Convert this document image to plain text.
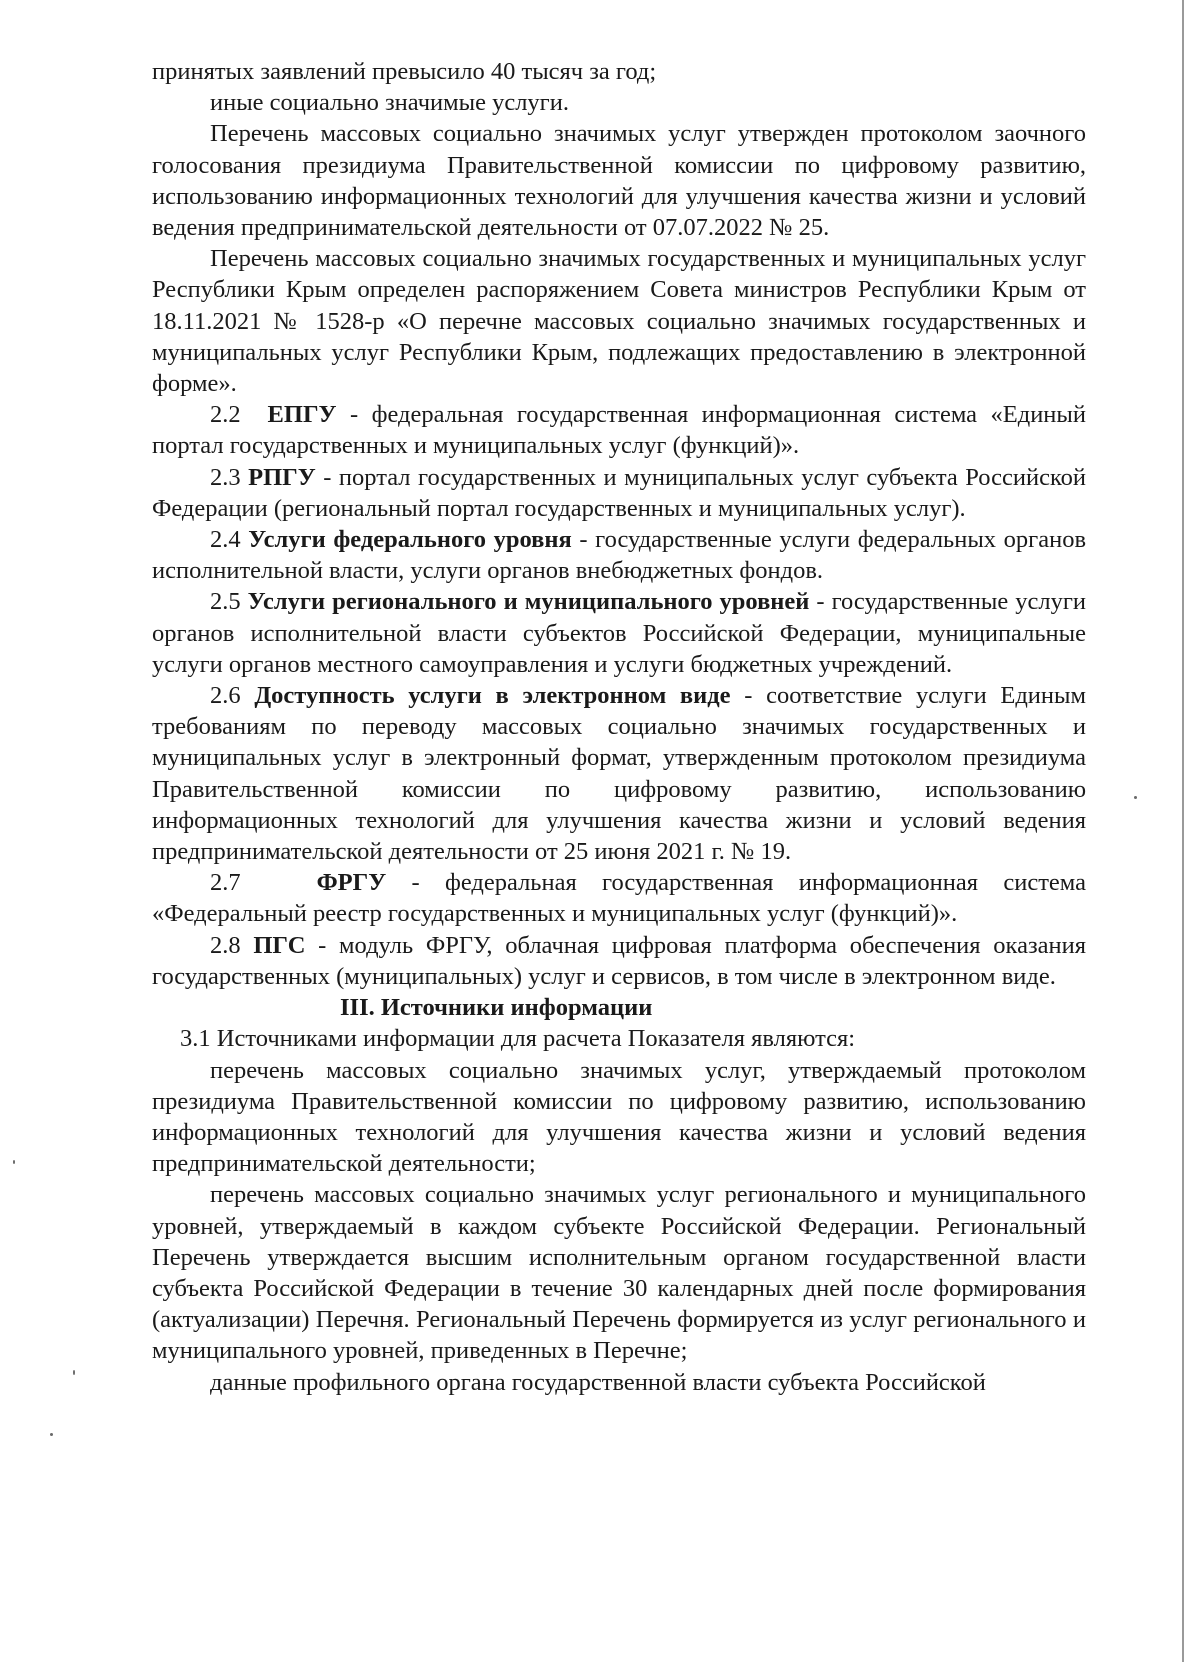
принятых заявлений превысило 40 тысяч за год;

иные социально значимые услуги.

Перечень массовых социально значимых услуг утвержден протоколом заочного голосования президиума Правительственной комиссии по цифровому развитию, использованию информационных технологий для улучшения качества жизни и условий ведения предпринимательской деятельности от 07.07.2022 № 25.

Перечень массовых социально значимых государственных и муниципальных услуг Республики Крым определен распоряжением Совета министров Республики Крым от 18.11.2021 № 1528-р «О перечне массовых социально значимых государственных и муниципальных услуг Республики Крым, подлежащих предоставлению в электронной форме».

2.2 ЕПГУ - федеральная государственная информационная система «Единый портал государственных и муниципальных услуг (функций)».

2.3 РПГУ - портал государственных и муниципальных услуг субъекта Российской Федерации (региональный портал государственных и муниципальных услуг).

2.4 Услуги федерального уровня - государственные услуги федеральных органов исполнительной власти, услуги органов внебюджетных фондов.

2.5 Услуги регионального и муниципального уровней - государственные услуги органов исполнительной власти субъектов Российской Федерации, муниципальные услуги органов местного самоуправления и услуги бюджетных учреждений.

2.6 Доступность услуги в электронном виде - соответствие услуги Единым требованиям по переводу массовых социально значимых государственных и муниципальных услуг в электронный формат, утвержденным протоколом президиума Правительственной комиссии по цифровому развитию, использованию информационных технологий для улучшения качества жизни и условий ведения предпринимательской деятельности от 25 июня 2021 г. № 19.

2.7	ФРГУ - федеральная государственная информационная система «Федеральный реестр государственных и муниципальных услуг (функций)».

2.8 ПГС - модуль ФРГУ, облачная цифровая платформа обеспечения оказания государственных (муниципальных) услуг и сервисов, в том числе в электронном виде.

III. Источники информации

3.1 Источниками информации для расчета Показателя являются:

перечень массовых социально значимых услуг, утверждаемый протоколом президиума Правительственной комиссии по цифровому развитию, использованию информационных технологий для улучшения качества жизни и условий ведения предпринимательской деятельности;

перечень массовых социально значимых услуг регионального и муниципального уровней, утверждаемый в каждом субъекте Российской Федерации. Региональный Перечень утверждается высшим исполнительным органом государственной власти субъекта Российской Федерации в течение 30 календарных дней после формирования (актуализации) Перечня. Региональный Перечень формируется из услуг регионального и муниципального уровней, приведенных в Перечне;

данные профильного органа государственной власти субъекта Российской
